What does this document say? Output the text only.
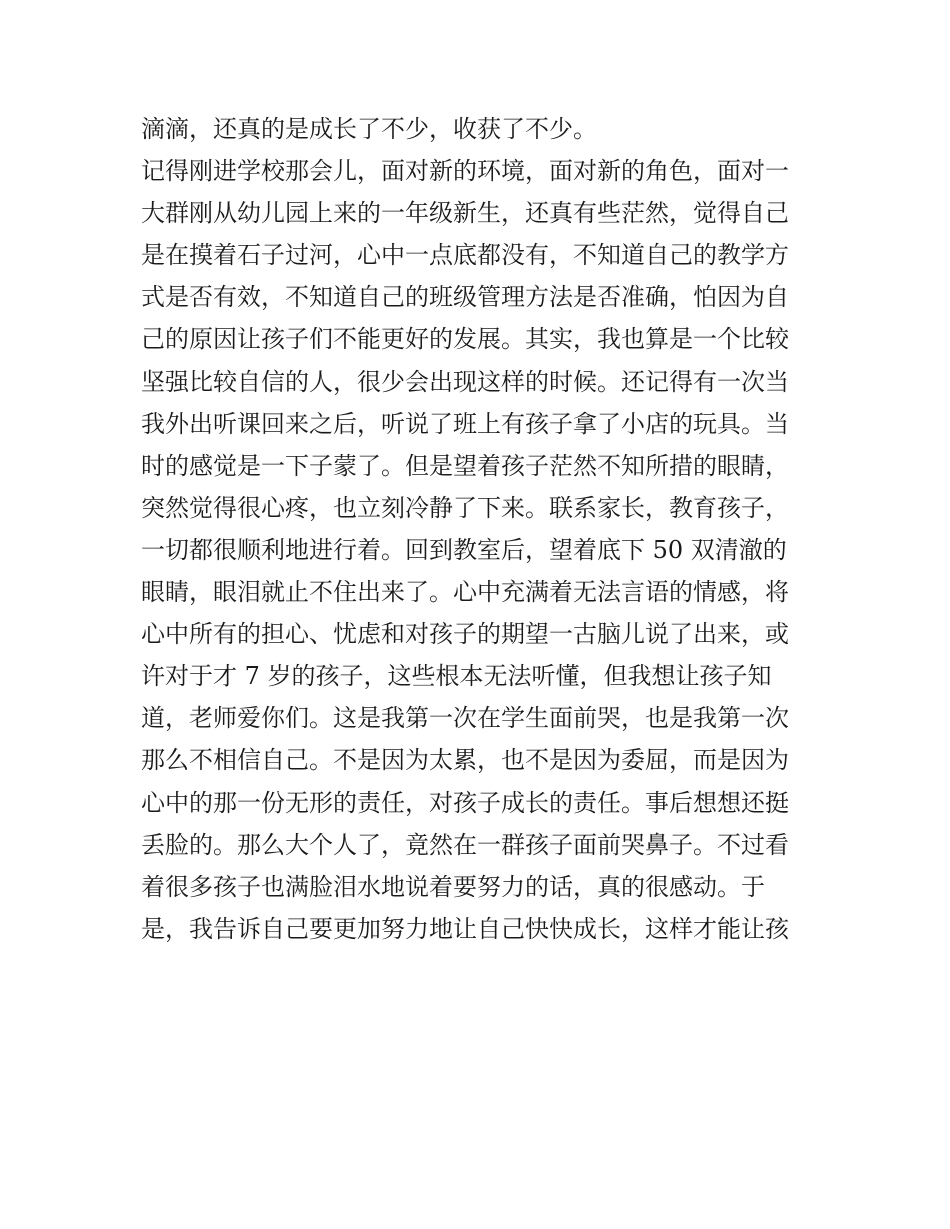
滴滴，还真的是成长了不少，收获了不少。
记得刚进学校那会儿，面对新的环境，面对新的角色，面对一
大群刚从幼儿园上来的一年级新生，还真有些茫然，觉得自己
是在摸着石子过河，心中一点底都没有，不知道自己的教学方
式是否有效，不知道自己的班级管理方法是否准确，怕因为自
己的原因让孩子们不能更好的发展。其实，我也算是一个比较
坚强比较自信的人，很少会出现这样的时候。还记得有一次当
我外出听课回来之后，听说了班上有孩子拿了小店的玩具。当
时的感觉是一下子蒙了。但是望着孩子茫然不知所措的眼睛，
突然觉得很心疼，也立刻冷静了下来。联系家长，教育孩子，
一切都很顺利地进行着。回到教室后，望着底下 50 双清澈的
眼睛，眼泪就止不住出来了。心中充满着无法言语的情感，将
心中所有的担心、忧虑和对孩子的期望一古脑儿说了出来，或
许对于才 7 岁的孩子，这些根本无法听懂，但我想让孩子知
道，老师爱你们。这是我第一次在学生面前哭，也是我第一次
那么不相信自己。不是因为太累，也不是因为委屈，而是因为
心中的那一份无形的责任，对孩子成长的责任。事后想想还挺
丢脸的。那么大个人了，竟然在一群孩子面前哭鼻子。不过看
着很多孩子也满脸泪水地说着要努力的话，真的很感动。于
是，我告诉自己要更加努力地让自己快快成长，这样才能让孩
